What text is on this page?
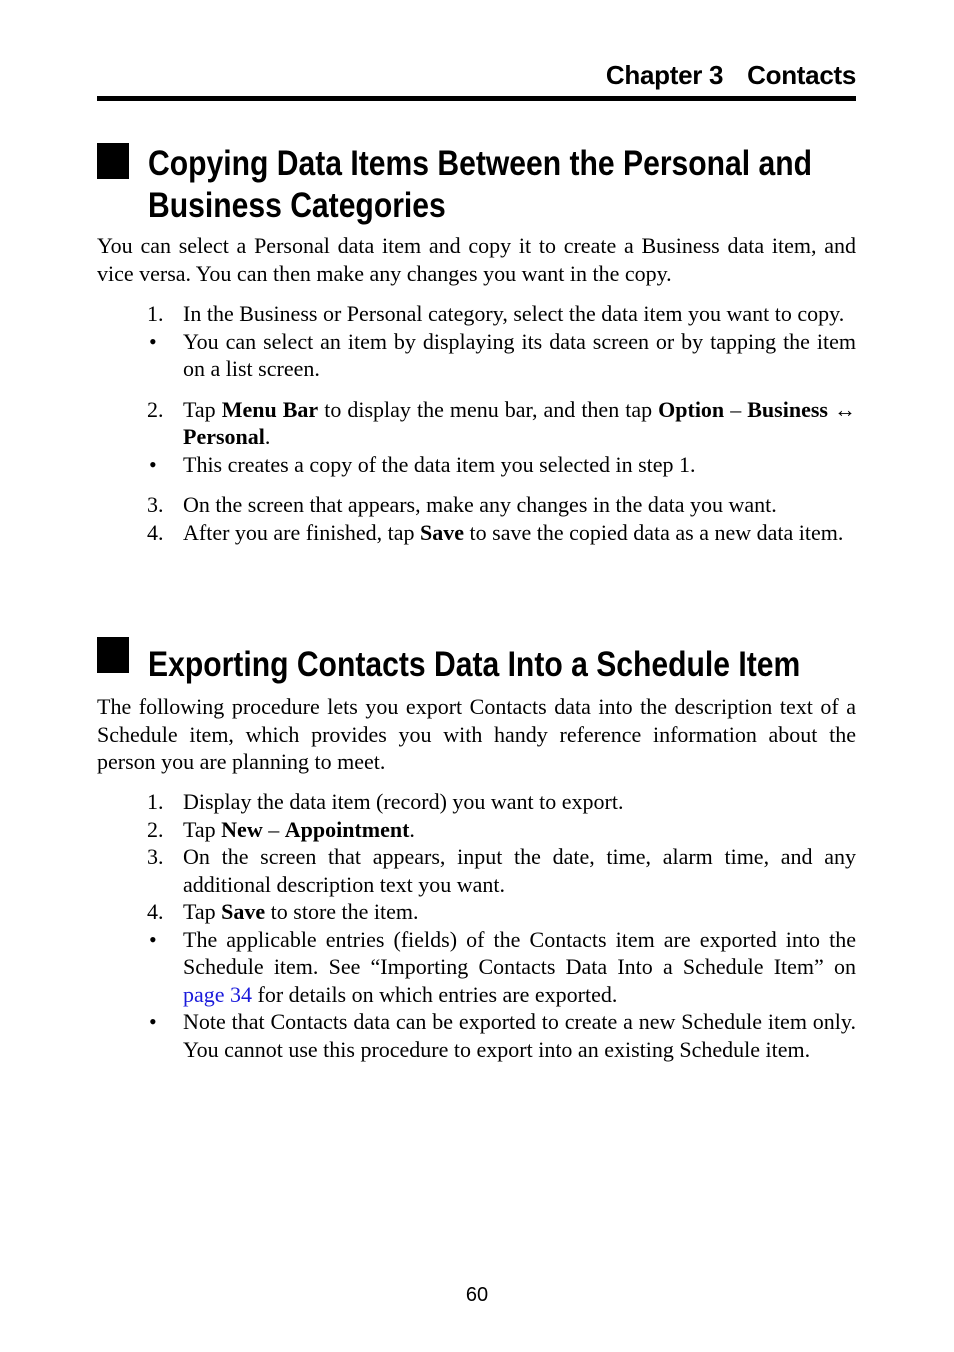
Chapter 3 Contacts
Copying Data Items Between the Personal and
Business Categories
You can select a Personal data item and copy it to create a Business data item, and vice versa. You can then make any changes you want in the copy.
1. In the Business or Personal category, select the data item you want to copy.
• You can select an item by displaying its data screen or by tapping the item on a list screen.
2. Tap Menu Bar to display the menu bar, and then tap Option – Business ↔ Personal.
• This creates a copy of the data item you selected in step 1.
3. On the screen that appears, make any changes in the data you want.
4. After you are finished, tap Save to save the copied data as a new data item.
Exporting Contacts Data Into a Schedule Item
The following procedure lets you export Contacts data into the description text of a Schedule item, which provides you with handy reference information about the person you are planning to meet.
1. Display the data item (record) you want to export.
2. Tap New – Appointment.
3. On the screen that appears, input the date, time, alarm time, and any additional description text you want.
4. Tap Save to store the item.
• The applicable entries (fields) of the Contacts item are exported into the Schedule item. See “Importing Contacts Data Into a Schedule Item” on page 34 for details on which entries are exported.
• Note that Contacts data can be exported to create a new Schedule item only. You cannot use this procedure to export into an existing Schedule item.
60
